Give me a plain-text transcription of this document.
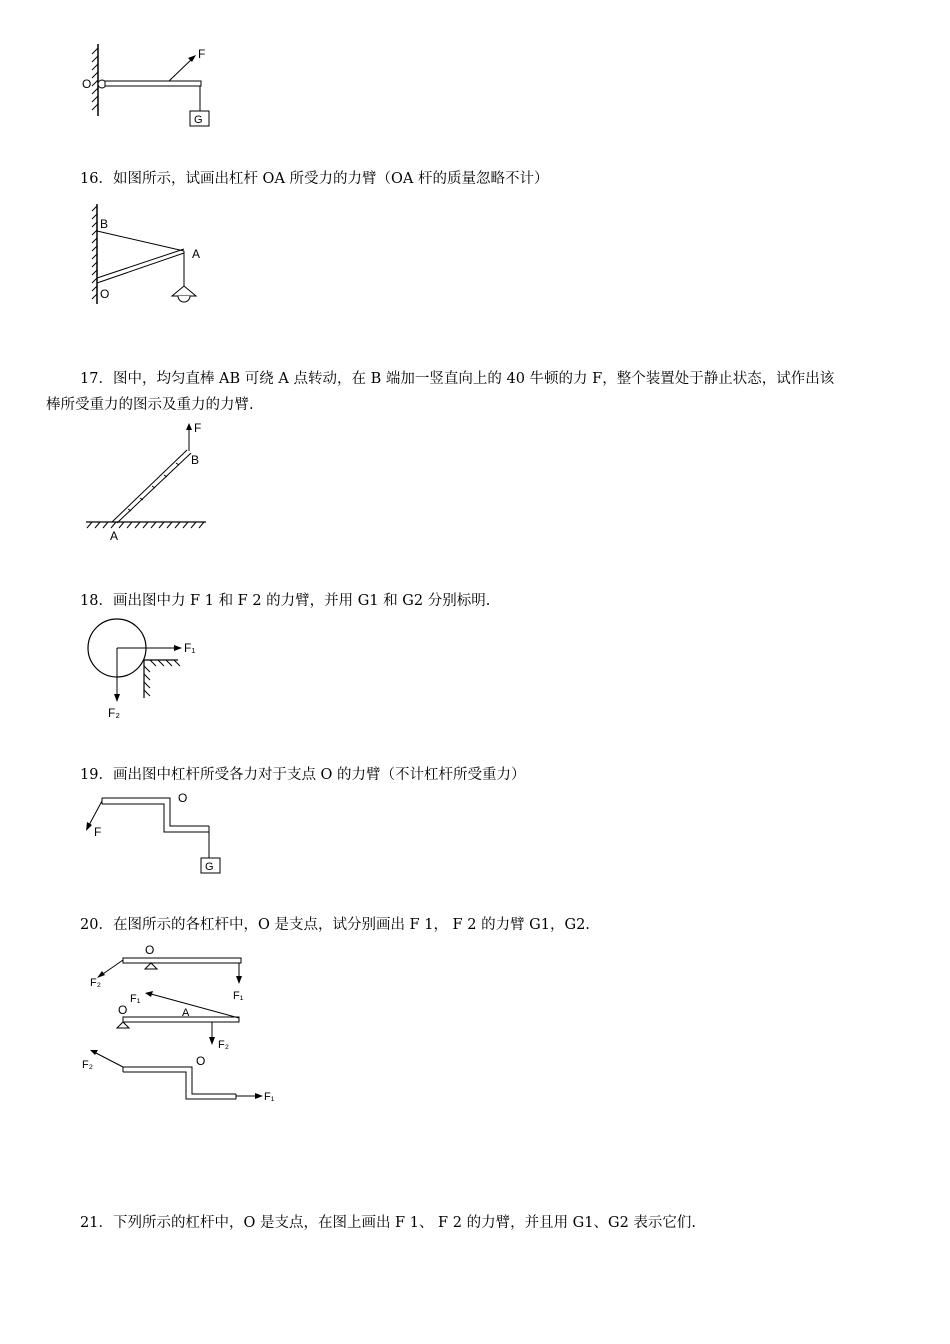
O
F
G
16．如图所示，试画出杠杆 OA 所受力的力臂（OA 杆的质量忽略不计）
B
A
O
17．图中，均匀直棒 AB 可绕 A 点转动，在 B 端加一竖直向上的 40 牛顿的力 F，整个装置处于静止状态，试作出该
棒所受重力的图示及重力的力臂.
F
B
A
18．画出图中力 F 1 和 F 2 的力臂，并用 G1 和 G2 分别标明.
F₁
F₂
19．画出图中杠杆所受各力对于支点 O 的力臂（不计杠杆所受重力）
O
F
G
20．在图所示的各杠杆中，O 是支点，试分别画出 F 1， F 2 的力臂 G1，G2.
O
F₂
F₁
F₁
O	A
F₂
O
F₂
F₁
21．下列所示的杠杆中，O 是支点，在图上画出 F 1、 F 2 的力臂，并且用 G1、G2 表示它们.
